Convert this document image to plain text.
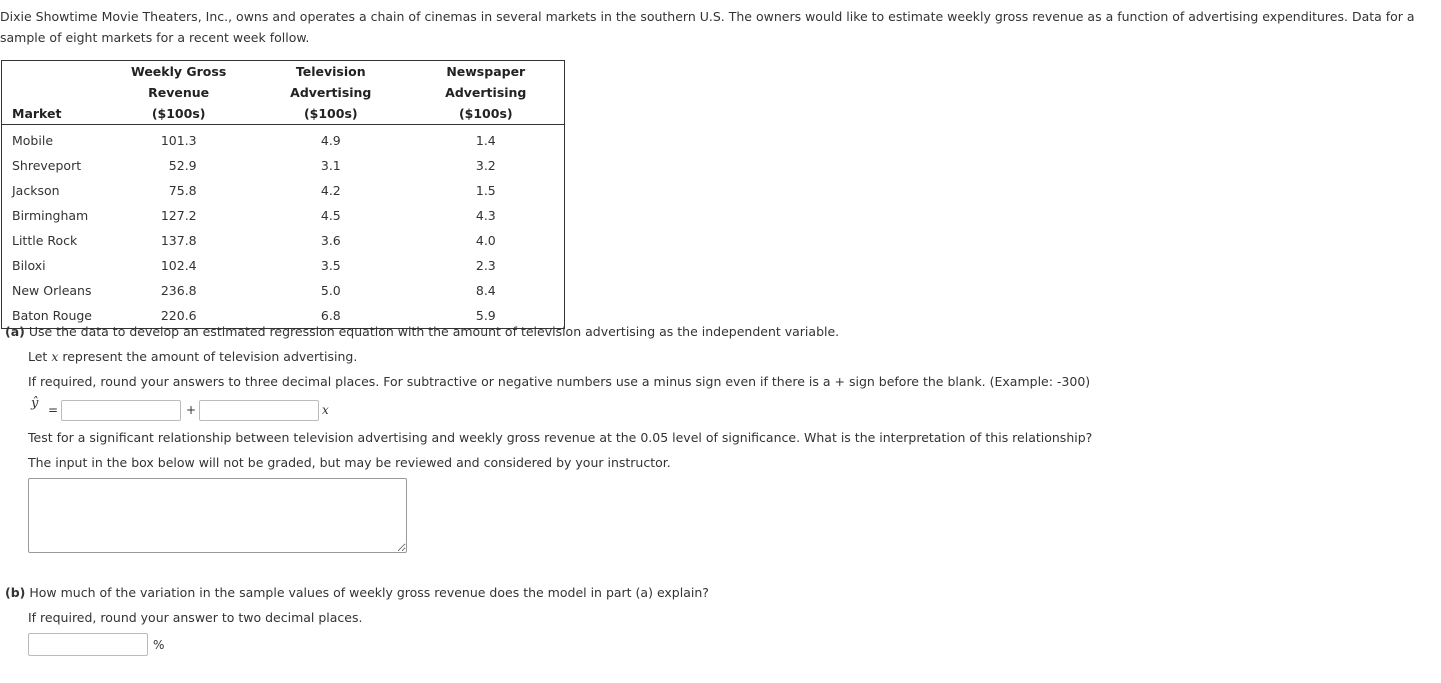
Dixie Showtime Movie Theaters, Inc., owns and operates a chain of cinemas in several markets in the southern U.S. The owners would like to estimate weekly gross revenue as a function of advertising expenditures. Data for a sample of eight markets for a recent week follow.

	Weekly Gross Revenue	Television Advertising	Newspaper Advertising
Market	($100s)	($100s)	($100s)
Mobile	101.3	4.9	1.4
Shreveport	52.9	3.1	3.2
Jackson	75.8	4.2	1.5
Birmingham	127.2	4.5	4.3
Little Rock	137.8	3.6	4.0
Biloxi	102.4	3.5	2.3
New Orleans	236.8	5.0	8.4
Baton Rouge	220.6	6.8	5.9

(a) Use the data to develop an estimated regression equation with the amount of television advertising as the independent variable.

Let x represent the amount of television advertising.

If required, round your answers to three decimal places. For subtractive or negative numbers use a minus sign even if there is a + sign before the blank. (Example: -300)

ŷ =	+	x

Test for a significant relationship between television advertising and weekly gross revenue at the 0.05 level of significance. What is the interpretation of this relationship?

The input in the box below will not be graded, but may be reviewed and considered by your instructor.

(b) How much of the variation in the sample values of weekly gross revenue does the model in part (a) explain?

If required, round your answer to two decimal places.

%
